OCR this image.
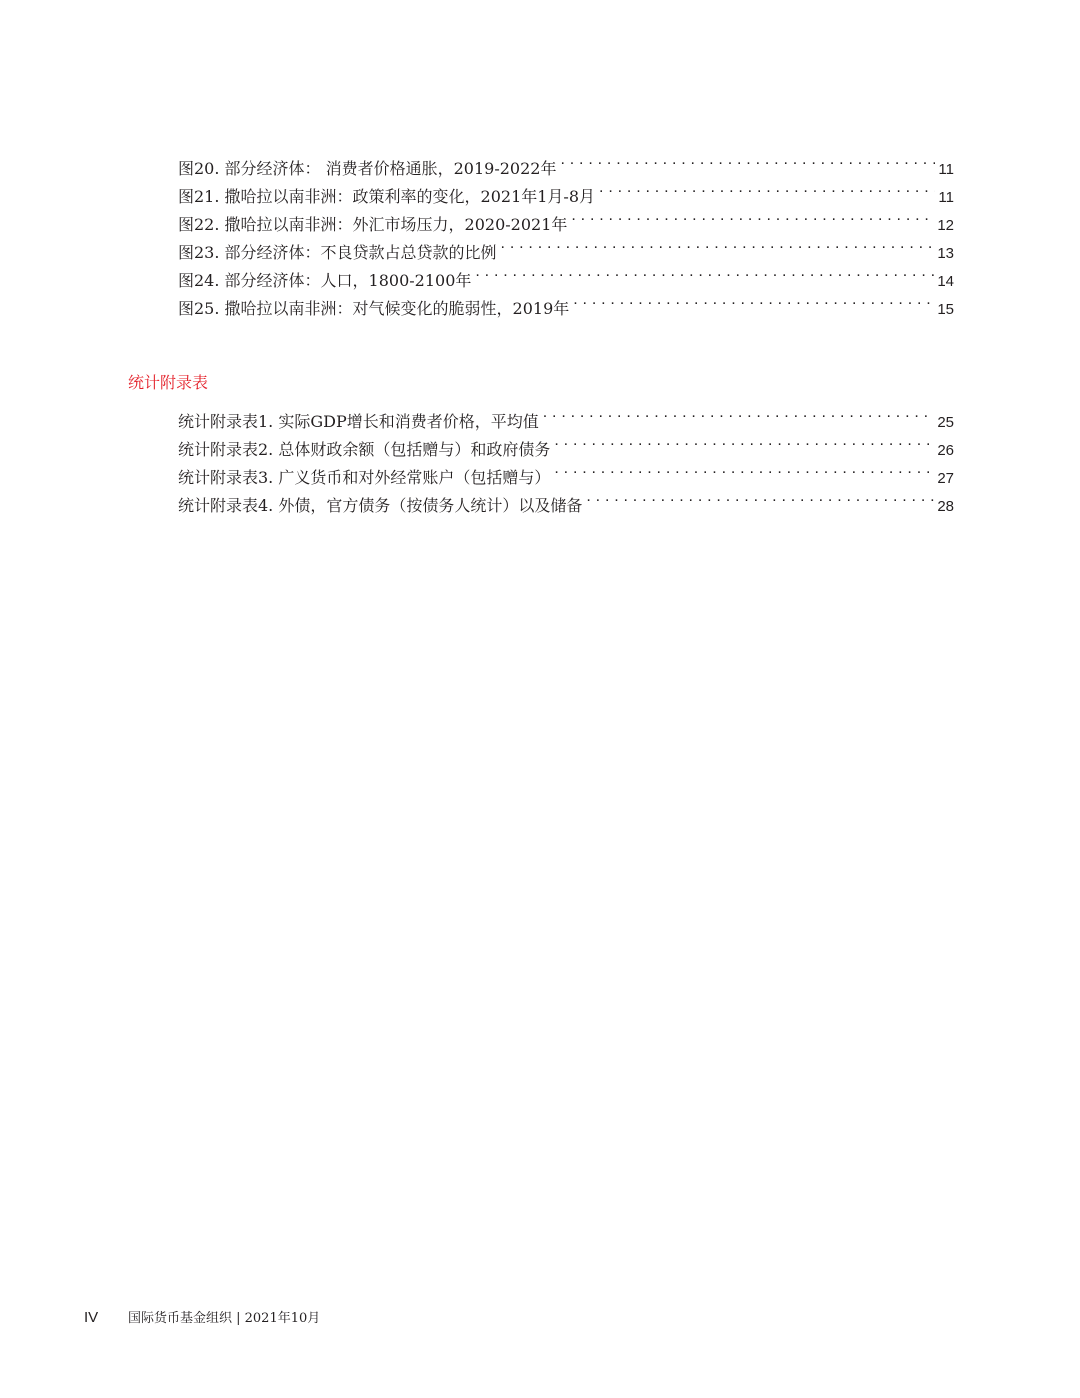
图20. 部分经济体： 消费者价格通胀，2019-2022年 . . .	11
图21. 撒哈拉以南非洲：政策利率的变化，2021年1月-8月 . . .	11
图22. 撒哈拉以南非洲：外汇市场压力，2020-2021年 . . .	12
图23. 部分经济体：不良贷款占总贷款的比例 . . .	13
图24. 部分经济体：人口，1800-2100年 . . .	14
图25. 撒哈拉以南非洲：对气候变化的脆弱性，2019年 . . .	15
统计附录表
统计附录表1. 实际GDP增长和消费者价格，平均值 . . .	25
统计附录表2. 总体财政余额（包括赠与）和政府债务 . . .	26
统计附录表3. 广义货币和对外经常账户（包括赠与） . . .	27
统计附录表4. 外债，官方债务（按债务人统计）以及储备 . . .	28
IV	国际货币基金组织 | 2021年10月
